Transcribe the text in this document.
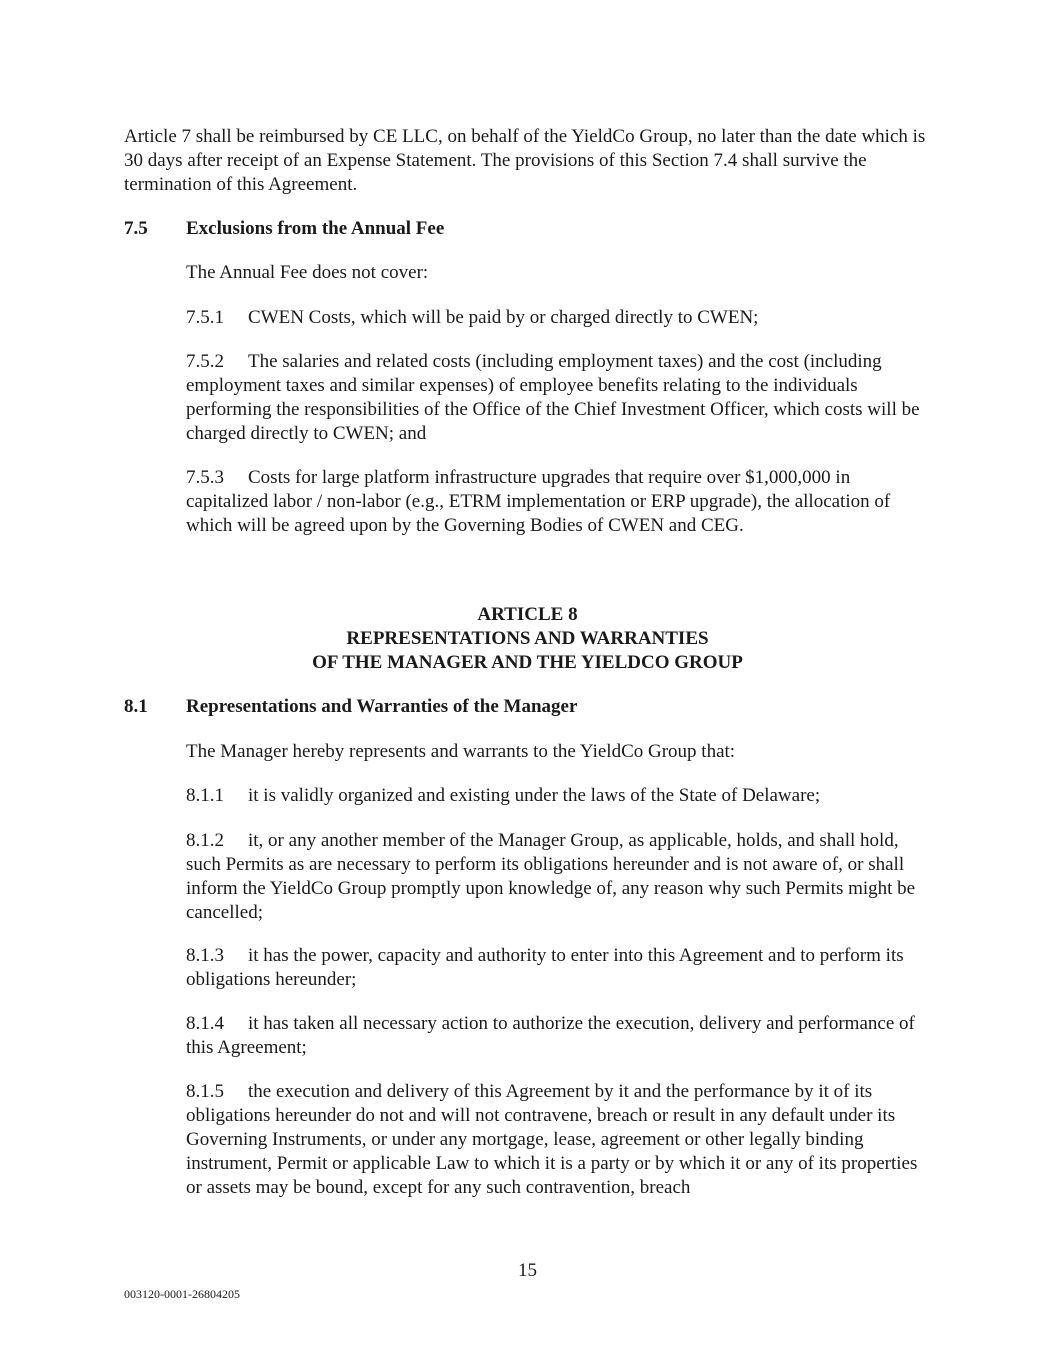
Article 7 shall be reimbursed by CE LLC, on behalf of the YieldCo Group, no later than the date which is 30 days after receipt of an Expense Statement. The provisions of this Section 7.4 shall survive the termination of this Agreement.

7.5 Exclusions from the Annual Fee

The Annual Fee does not cover:

7.5.1 CWEN Costs, which will be paid by or charged directly to CWEN;

7.5.2 The salaries and related costs (including employment taxes) and the cost (including employment taxes and similar expenses) of employee benefits relating to the individuals performing the responsibilities of the Office of the Chief Investment Officer, which costs will be charged directly to CWEN; and

7.5.3 Costs for large platform infrastructure upgrades that require over $1,000,000 in capitalized labor / non-labor (e.g., ETRM implementation or ERP upgrade), the allocation of which will be agreed upon by the Governing Bodies of CWEN and CEG.

ARTICLE 8
REPRESENTATIONS AND WARRANTIES
OF THE MANAGER AND THE YIELDCO GROUP
8.1 Representations and Warranties of the Manager

The Manager hereby represents and warrants to the YieldCo Group that:

8.1.1 it is validly organized and existing under the laws of the State of Delaware;

8.1.2 it, or any another member of the Manager Group, as applicable, holds, and shall hold, such Permits as are necessary to perform its obligations hereunder and is not aware of, or shall inform the YieldCo Group promptly upon knowledge of, any reason why such Permits might be cancelled;

8.1.3 it has the power, capacity and authority to enter into this Agreement and to perform its obligations hereunder;

8.1.4 it has taken all necessary action to authorize the execution, delivery and performance of this Agreement;

8.1.5 the execution and delivery of this Agreement by it and the performance by it of its obligations hereunder do not and will not contravene, breach or result in any default under its Governing Instruments, or under any mortgage, lease, agreement or other legally binding instrument, Permit or applicable Law to which it is a party or by which it or any of its properties or assets may be bound, except for any such contravention, breach

15
003120-0001-26804205
